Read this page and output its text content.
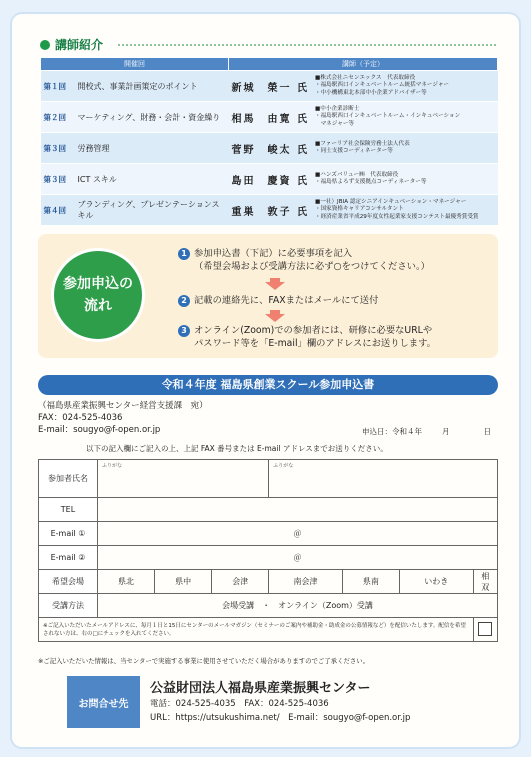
講師紹介
開催回		講師（予定）	
第１回	開校式、事業計画策定のポイント	新城　榮一 氏	■株式会社ニセンエックス　代表取締役
・福島駅西口インキュベートルーム統括マネージャー
・中小機構東北本部中小企業アドバイザー等

第２回	マーケティング、財務・会計・資金繰り	相馬　由寛 氏	■中小企業診断士
・福島駅西口インキュベートルーム・インキュベーション
　マネジャー等

第３回	労務管理	菅野　峻太 氏	■ファーリア社会保険労務士法人代表
・同士支援コーディネーター等

第３回	ICT スキル	島田　慶資 氏	■ハンズバリュー㈱　代表取締役
・福島県よろず支援拠点コーディネーター等

第４回	ブランディング、プレゼンテーションスキル	重巣　敦子 氏	■一社）JBIA 認定シニアインキュベーション・マネージャー
・国家資格キャリアコンサルタント
・経済産業省平成29年度女性起業家支援コンテスト最優秀賞受賞
参加申込の
流れ
1 参加申込書（下記）に必要事項を記入
（希望会場および受講方法に必ず○をつけてください。）
2 記載の連絡先に、FAXまたはメールにて送付
3 オンライン(Zoom)での参加者には、研修に必要なURLや
パスワード等を「E-mail」欄のアドレスにお送りします。
令和４年度 福島県創業スクール参加申込書
（福島県産業振興センター経営支援課　宛）
FAX：024-525-4036
E-mail：sougyo@f-open.or.jp	申込日：令和４年	月	日
以下の記入欄にご記入の上、上記 FAX 番号または E-mail アドレスまでお送りください。
参加者氏名	ふりがな			ふりがな			

TEL							
E-mail ①	＠						
E-mail ②	＠						
希望会場	県北	県中	会津	南会津	県南	いわき	相双
受講方法	会場受講　・　オンライン（Zoom）受講						
※ご記入いただいたメールアドレスに、毎月１日と15日にセンターのメールマガジン（セミナーのご案内や補助金・助成金の公募情報など）を配信いたします。配信を希望されない方は、右の□にチェックを入れてください。							
※ご記入いただいた情報は、当センターで実施する事業に使用させていただく場合がありますのでご了承ください。
お問合せ先
公益財団法人福島県産業振興センター
電話：024-525-4035　FAX：024-525-4036
URL：https://utsukushima.net/　E-mail：sougyo@f-open.or.jp
